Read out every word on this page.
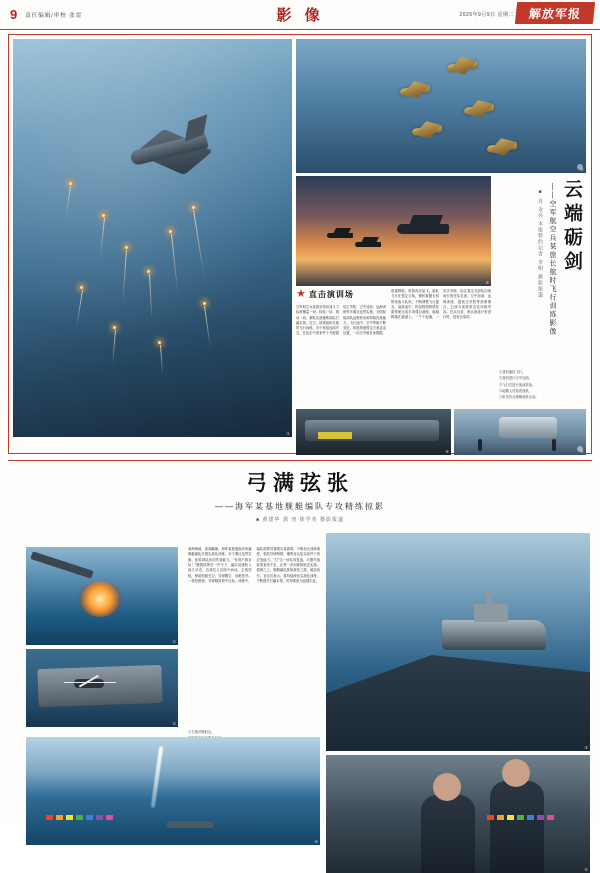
9 责任编辑/审校 张雷	影 像	2025年9月9日 星期二	解放军报
①
②
③
★ 直击演训场
空军航空兵某旅坚持用战斗力标准衡量一切、检验一切、推动一切，紧贴实战锤炼部队打赢本领。近日，该旅组织长航时飞行训练，多个机组连续升空，在复杂气象条件下开展超低空突防、空中加油、远海训练等多课目连贯实施，全面检验部队远程机动和持续作战能力。飞行途中，空中等级不断变化，机组按照预定方案灵活处置，一次次突破自身极限。
夜幕降临，机群再次起飞。编队飞行在预定空域，僚机紧随长机保持战斗队形，不断调整飞行姿态。返航途中，机组按照特情处置预案完成多项课目演练，稳稳降落在跑道上。一个个起落，一次次突破，标注着这支部队向战而行的坚实足迹。空中加油、远海训练、超低空突防等高难课目，已成为该旅常态化训练内容。官兵们说，练兵备战只有进行时，没有完成时。
云端砺剑
——空军航空兵某旅长航时飞行训练影像
■ 丹 金亮 本报特约记者 李明 摄影报道
①战机编队飞行。
②战机进行空中加油。
③飞行员进行战前准备。
④地勤人员检查战机。
⑤机务官兵保障战机出动。
④	⑤
弓满弦张
——海军某基地舰艇编队专攻精练掠影
■ 黄建华 郭 尧 徐学英 摄影报道
①
②
黄海海域，波涛翻涌。海军某基地组织所属舰艇编队开展实战化训练，多个课目连贯实施，检验部队协同作战能力。"发现不明目标！"随着指挥员一声令下，编队迅速转入战斗状态，各战位人员闻令而动。主炮怒吼，弹道划破长空；导弹腾空，直刺苍穹。一枚枚炮弹、导弹精准命中目标。训练中，编队指挥员着眼实战需要，不断加大训练难度，临机导调特情，锤炼官兵复杂条件下的应变能力。"打"完一场仗再复盘，对照作战标准查找不足，让每一次训练都贴近实战。碧海之上，舰艇编队犹如离弦之箭，破浪前行。官兵们表示，将持续深化实战化训练，不断提升打赢本领，时刻准备为祖国出征。
①主炮对海射击。
③
④
⑤
